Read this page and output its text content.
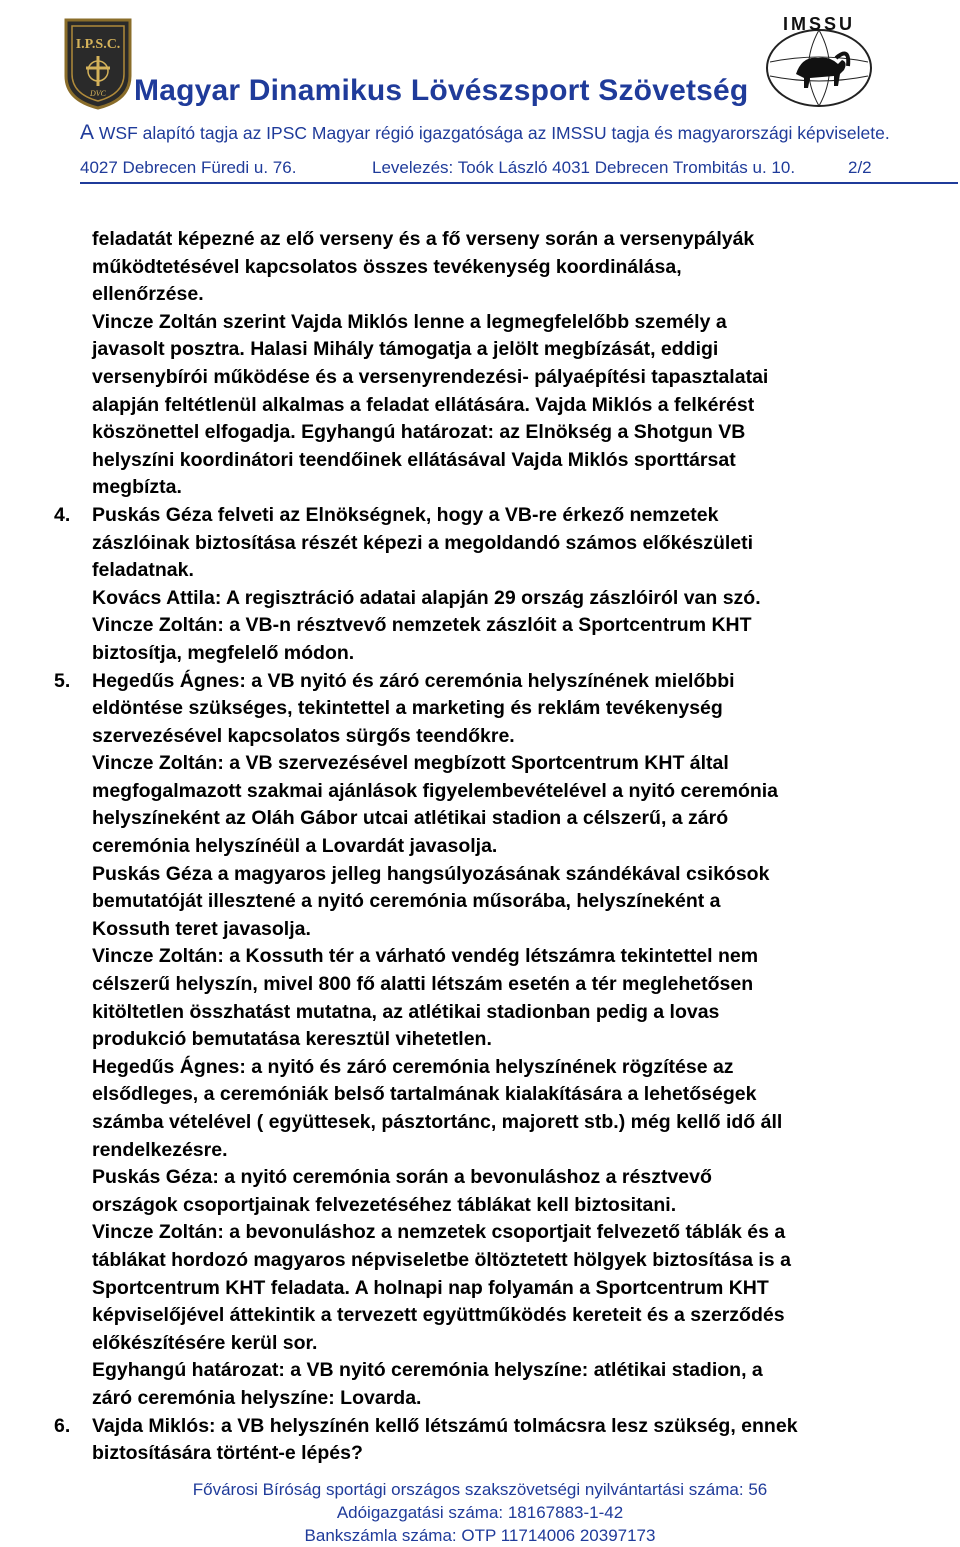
I.P.S.C.
DVC
IMSSU
Magyar Dinamikus Lövészsport Szövetség
A WSF alapító tagja az IPSC Magyar régió igazgatósága az IMSSU tagja és magyarországi képviselete.
4027 Debrecen Füredi u. 76.	Levelezés: Toók László 4031 Debrecen Trombitás u. 10.	2/2

feladatát képezné az elő verseny és a fő verseny során a versenypályák
működtetésével kapcsolatos összes tevékenység koordinálása,
ellenőrzése.
Vincze Zoltán szerint Vajda Miklós lenne a legmegfelelőbb személy a
javasolt posztra. Halasi Mihály támogatja a jelölt megbízását, eddigi
versenybírói működése és a versenyrendezési- pályaépítési tapasztalatai
alapján feltétlenül alkalmas a feladat ellátására. Vajda Miklós a felkérést
köszönettel elfogadja. Egyhangú határozat: az Elnökség a Shotgun VB
helyszíni koordinátori teendőinek ellátásával Vajda Miklós sporttársat
megbízta.

4.	Puskás Géza felveti az Elnökségnek, hogy a VB-re érkező nemzetek
zászlóinak biztosítása részét képezi a megoldandó számos előkészületi
feladatnak.
Kovács Attila: A regisztráció adatai alapján 29 ország zászlóiról van szó.
Vincze Zoltán: a VB-n résztvevő nemzetek zászlóit a Sportcentrum KHT
biztosítja, megfelelő módon.

5.	Hegedűs Ágnes: a VB nyitó és záró ceremónia helyszínének mielőbbi
eldöntése szükséges, tekintettel a marketing és reklám tevékenység
szervezésével kapcsolatos sürgős teendőkre.
Vincze Zoltán: a VB szervezésével megbízott Sportcentrum KHT által
megfogalmazott szakmai ajánlások figyelembevételével a nyitó ceremónia
helyszíneként az Oláh Gábor utcai atlétikai stadion a célszerű, a záró
ceremónia helyszínéül a Lovardát javasolja.
Puskás Géza a magyaros jelleg hangsúlyozásának szándékával csikósok
bemutatóját illesztené a nyitó ceremónia műsorába, helyszíneként a
Kossuth teret javasolja.
Vincze Zoltán: a Kossuth tér a várható vendég létszámra tekintettel nem
célszerű helyszín, mivel 800 fő alatti létszám esetén a tér meglehetősen
kitöltetlen összhatást mutatna, az atlétikai stadionban pedig a lovas
produkció bemutatása keresztül vihetetlen.
Hegedűs Ágnes: a nyitó és záró ceremónia helyszínének rögzítése az
elsődleges, a ceremóniák belső tartalmának kialakítására a lehetőségek
számba vételével ( együttesek, pásztortánc, majorett stb.) még kellő idő áll
rendelkezésre.
Puskás Géza: a nyitó ceremónia során a bevonuláshoz a résztvevő
országok csoportjainak felvezetéséhez táblákat kell biztositani.
Vincze Zoltán: a bevonuláshoz a nemzetek csoportjait felvezető táblák és a
táblákat hordozó magyaros népviseletbe öltöztetett hölgyek biztosítása is a
Sportcentrum KHT feladata. A holnapi nap folyamán a Sportcentrum KHT
képviselőjével áttekintik a tervezett együttműködés kereteit és a szerződés
előkészítésére kerül sor.
Egyhangú határozat: a VB nyitó ceremónia helyszíne: atlétikai stadion, a
záró ceremónia helyszíne: Lovarda.

6.	Vajda Miklós: a VB helyszínén kellő létszámú tolmácsra lesz szükség, ennek
biztosítására történt-e lépés?

Fővárosi Bíróság sportági országos szakszövetségi nyilvántartási száma: 56
Adóigazgatási száma: 18167883-1-42
Bankszámla száma: OTP 11714006 20397173
